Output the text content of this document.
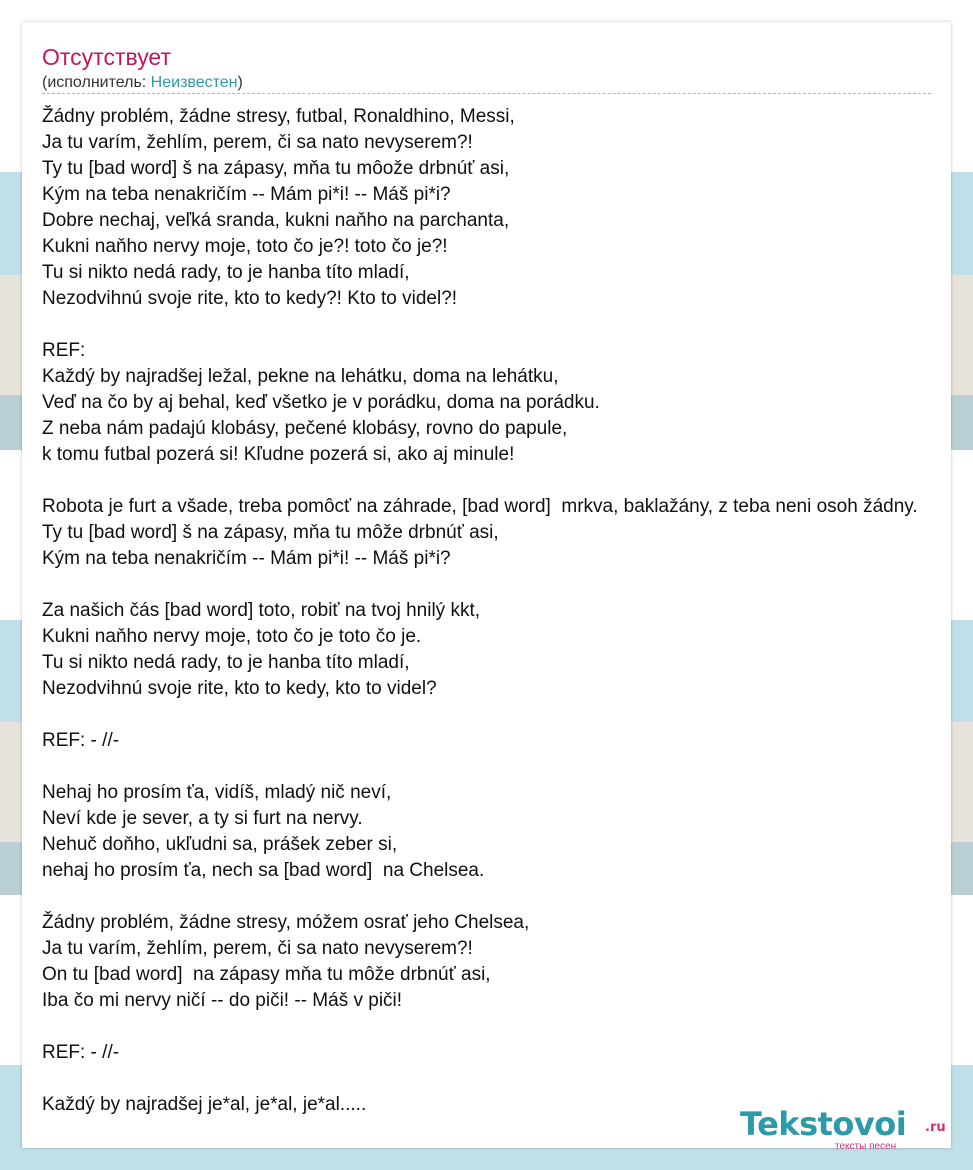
Отсутствует
(исполнитель: Неизвестен)
Žádny problém, žádne stresy, futbal, Ronaldhino, Messi,
Ja tu varím, žehlím, perem, či sa nato nevyserem?!
Ty tu [bad word] š na zápasy, mňa tu môože drbnúť asi,
Kým na teba nenakričím -- Mám pi*i! -- Máš pi*i?
Dobre nechaj, veľká sranda, kukni naňho na parchanta,
Kukni naňho nervy moje, toto čo je?! toto čo je?!
Tu si nikto nedá rady, to je hanba títo mladí,
Nezodvihnú svoje rite, kto to kedy?! Kto to videl?!
REF:
Každý by najradšej ležal, pekne na lehátku, doma na lehátku,
Veď na čo by aj behal, keď všetko je v porádku, doma na porádku.
Z neba nám padajú klobásy, pečené klobásy, rovno do papule,
k tomu futbal pozerá si! Kľudne pozerá si, ako aj minule!
Robota je furt a všade, treba pomôcť na záhrade, [bad word]  mrkva, baklažány, z teba neni osoh žádny.
Ty tu [bad word] š na zápasy, mňa tu môže drbnúť asi,
Kým na teba nenakričím -- Mám pi*i! -- Máš pi*i?
Za našich čás [bad word] toto, robiť na tvoj hnilý kkt,
Kukni naňho nervy moje, toto čo je toto čo je.
Tu si nikto nedá rady, to je hanba títo mladí,
Nezodvihnú svoje rite, kto to kedy, kto to videl?
REF: - //-
Nehaj ho prosím ťa, vidíš, mladý nič neví,
Neví kde je sever, a ty si furt na nervy.
Nehuč doňho, ukľudni sa, prášek zeber si,
nehaj ho prosím ťa, nech sa [bad word]  na Chelsea.
Žádny problém, žádne stresy, móžem osrať jeho Chelsea,
Ja tu varím, žehlím, perem, či sa nato nevyserem?!
On tu [bad word]  na zápasy mňa tu môže drbnúť asi,
Iba čo mi nervy ničí -- do piči! -- Máš v piči!
REF: - //-
Každý by najradšej je*al, je*al, je*al.....
Tekstovoi .ru
тексты песен
